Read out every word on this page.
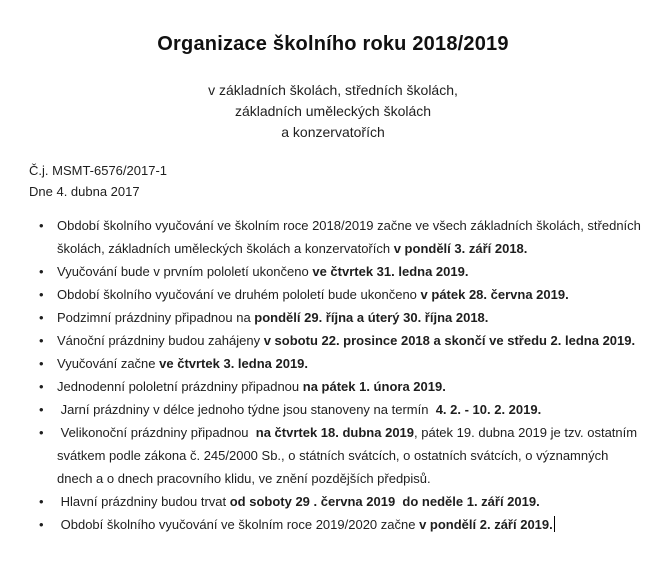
Organizace školního roku 2018/2019
v základních školách, středních školách,
základních uměleckých školách
a konzervatořích
Č.j. MSMT-6576/2017-1
Dne 4. dubna 2017
• Období školního vyučování ve školním roce 2018/2019 začne ve všech základních školách, středních školách, základních uměleckých školách a konzervatořích v pondělí 3. září 2018.
• Vyučování bude v prvním pololetí ukončeno ve čtvrtek 31. ledna 2019.
• Období školního vyučování ve druhém pololetí bude ukončeno v pátek 28. června 2019.
• Podzimní prázdniny připadnou na pondělí 29. října a úterý 30. října 2018.
• Vánoční prázdniny budou zahájeny v sobotu 22. prosince 2018 a skončí ve středu 2. ledna 2019.
• Vyučování začne ve čtvrtek 3. ledna 2019.
• Jednodenní pololetní prázdniny připadnou na pátek 1. února 2019.
•  Jarní prázdniny v délce jednoho týdne jsou stanoveny na termín  4. 2. - 10. 2. 2019.
•  Velikonoční prázdniny připadnou  na čtvrtek 18. dubna 2019, pátek 19. dubna 2019 je tzv. ostatním svátkem podle zákona č. 245/2000 Sb., o státních svátcích, o ostatních svátcích, o významných dnech a o dnech pracovního klidu, ve znění pozdějších předpisů.
•  Hlavní prázdniny budou trvat od soboty 29 . června 2019  do neděle 1. září 2019.
•  Období školního vyučování ve školním roce 2019/2020 začne v pondělí 2. září 2019.
